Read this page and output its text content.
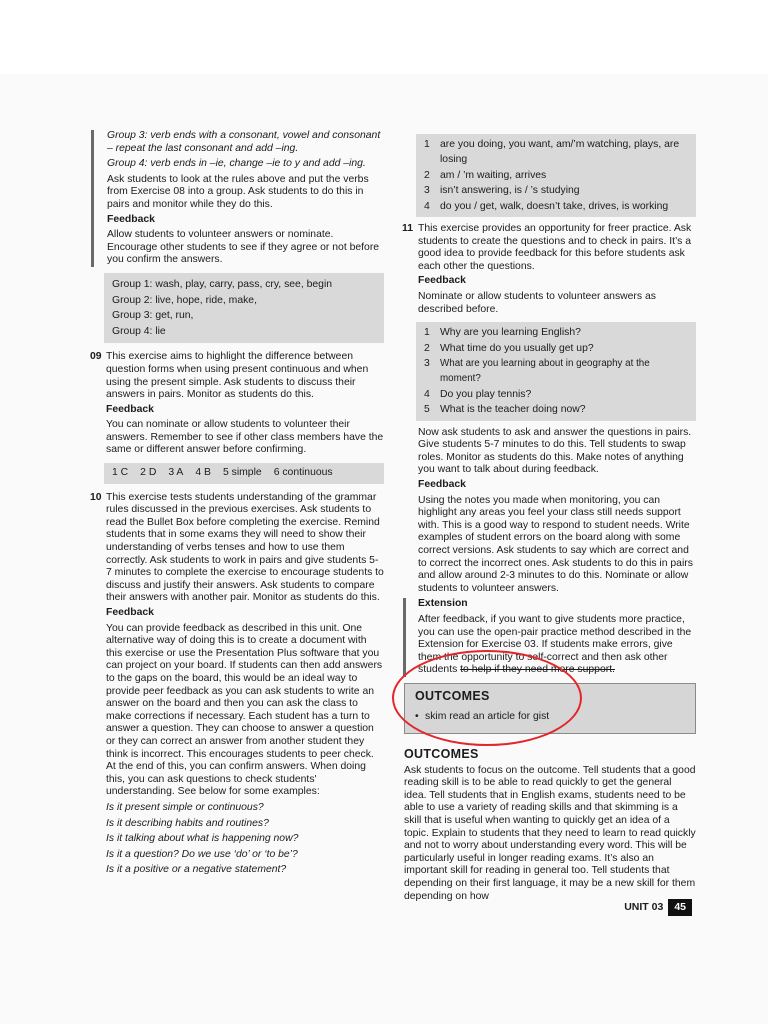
Group 3: verb ends with a consonant, vowel and consonant – repeat the last consonant and add –ing.

Group 4: verb ends in –ie, change –ie to y and add –ing.

Ask students to look at the rules above and put the verbs from Exercise 08 into a group. Ask students to do this in pairs and monitor while they do this.

Feedback

Allow students to volunteer answers or nominate. Encourage other students to see if they agree or not before you confirm the answers.

Group 1: wash, play, carry, pass, cry, see, begin
Group 2: live, hope, ride, make,
Group 3: get, run,
Group 4: lie
09 This exercise aims to highlight the difference between question forms when using present continuous and when using the present simple. Ask students to discuss their answers in pairs. Monitor as students do this.

Feedback

You can nominate or allow students to volunteer their answers. Remember to see if other class members have the same or different answer before confirming.

1 C 2 D 3 A 4 B 5 simple 6 continuous
10 This exercise tests students understanding of the grammar rules discussed in the previous exercises. Ask students to read the Bullet Box before completing the exercise. Remind students that in some exams they will need to show their understanding of verbs tenses and how to use them correctly. Ask students to work in pairs and give students 5-7 minutes to complete the exercise to encourage students to discuss and justify their answers. Ask students to compare their answers with another pair. Monitor as students do this.

Feedback

You can provide feedback as described in this unit. One alternative way of doing this is to create a document with this exercise or use the Presentation Plus software that you can project on your board. If students can then add answers to the gaps on the board, this would be an ideal way to provide peer feedback as you can ask students to write an answer on the board and then you can ask the class to make corrections if necessary. Each student has a turn to answer a question. They can choose to answer a question or they can correct an answer from another student they think is incorrect. This encourages students to peer check. At the end of this, you can confirm answers. When doing this, you can ask questions to check students' understanding. See below for some examples:

Is it present simple or continuous?

Is it describing habits and routines?

Is it talking about what is happening now?

Is it a question? Do we use ‘do’ or ‘to be’?

Is it a positive or a negative statement?

1 are you doing, you want, am/’m watching, plays, are losing
2 am / ’m waiting, arrives
3 isn’t answering, is / ’s studying
4 do you / get, walk, doesn’t take, drives, is working
11 This exercise provides an opportunity for freer practice. Ask students to create the questions and to check in pairs. It’s a good idea to provide feedback for this before students ask each other the questions.

Feedback

Nominate or allow students to volunteer answers as described before.

1 Why are you learning English?
2 What time do you usually get up?
3	What are you learning about in geography at the moment?
4 Do you play tennis?
5 What is the teacher doing now?

Now ask students to ask and answer the questions in pairs. Give students 5-7 minutes to do this. Tell students to swap roles. Monitor as students do this. Make notes of anything you want to talk about during feedback.

Feedback

Using the notes you made when monitoring, you can highlight any areas you feel your class still needs support with. This is a good way to respond to student needs. Write examples of student errors on the board along with some correct versions. Ask students to say which are correct and to correct the incorrect ones. Ask students to do this in pairs and allow around 2-3 minutes to do this. Nominate or allow students to volunteer answers.

Extension

After feedback, if you want to give students more practice, you can use the open-pair practice method described in the Extension for Exercise 03. If students make errors, give them the opportunity to self-correct and then ask other students to help if they need more support.

OUTCOMES
• skim read an article for gist
OUTCOMES

Ask students to focus on the outcome. Tell students that a good reading skill is to be able to read quickly to get the general idea. Tell students that in English exams, students need to be able to use a variety of reading skills and that skimming is a skill that is useful when wanting to quickly get an idea of a topic. Explain to students that they need to learn to read quickly and not to worry about understanding every word. This will be particularly useful in longer reading exams. It’s also an important skill for reading in general too. Tell students that depending on their first language, it may be a new skill for them depending on how

UNIT 03	45
